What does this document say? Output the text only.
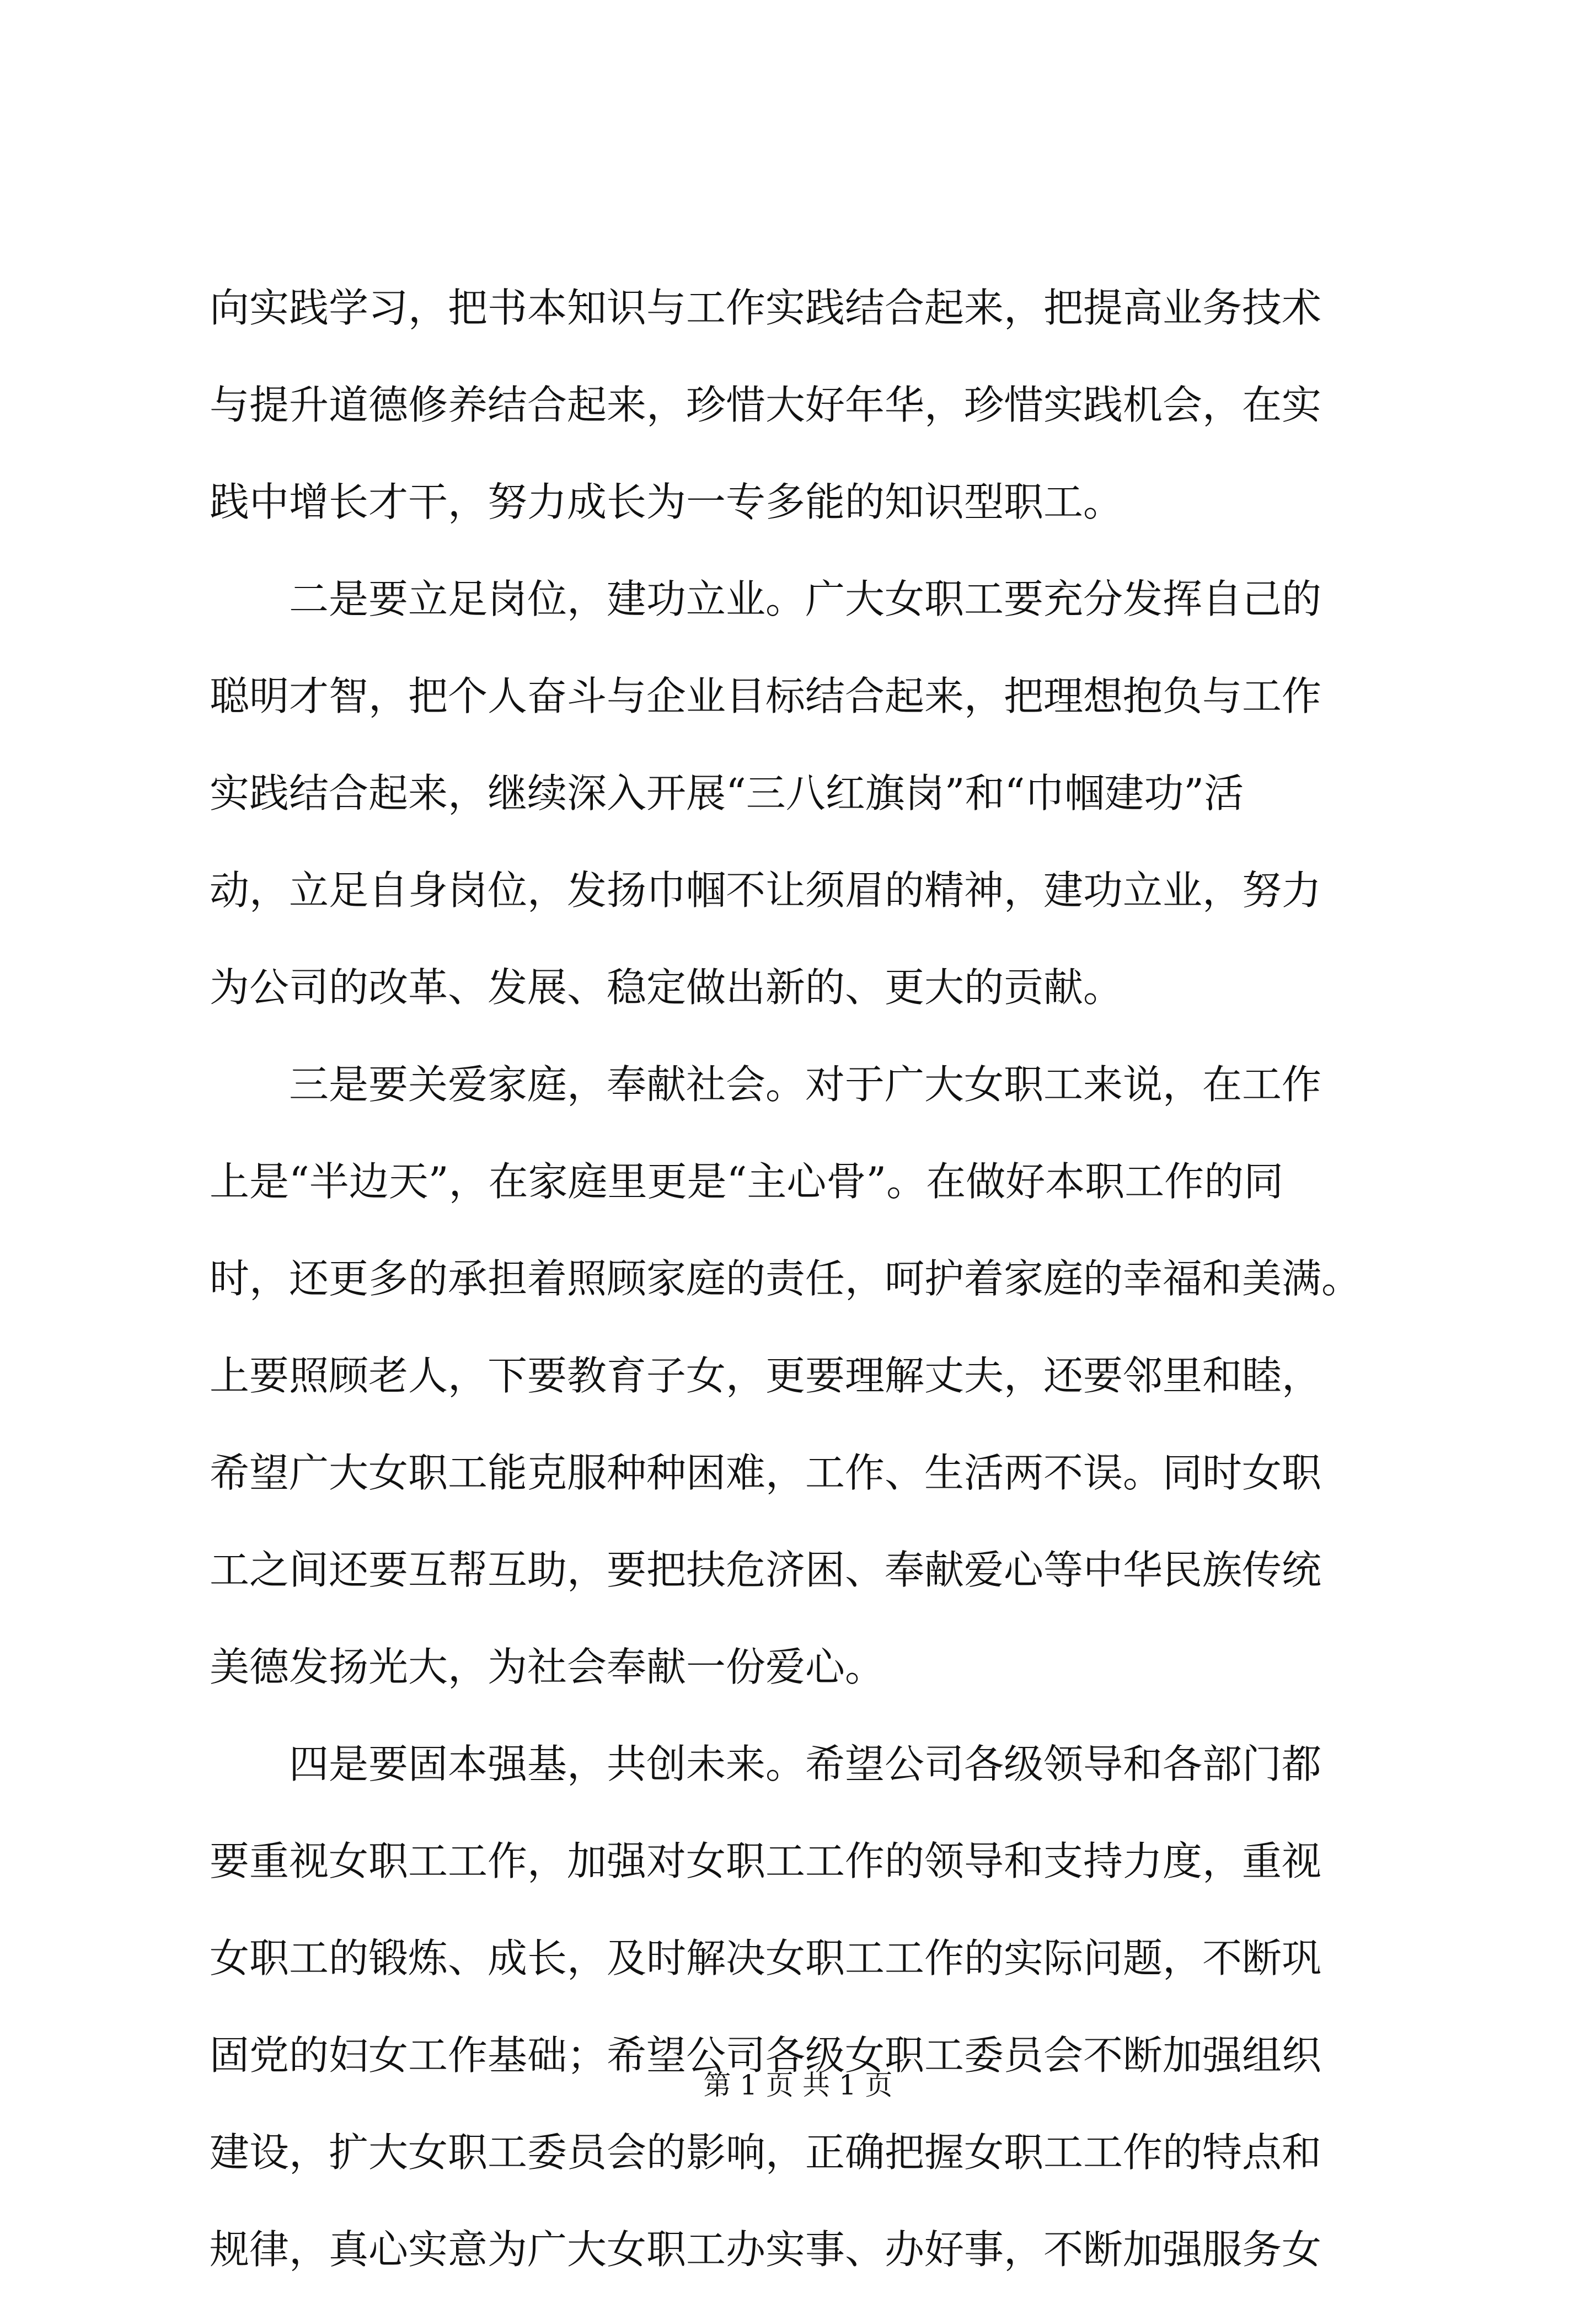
向实践学习，把书本知识与工作实践结合起来，把提高业务技术
与提升道德修养结合起来，珍惜大好年华，珍惜实践机会，在实
践中增长才干，努力成长为一专多能的知识型职工。
二是要立足岗位，建功立业。广大女职工要充分发挥自己的
聪明才智，把个人奋斗与企业目标结合起来，把理想抱负与工作
实践结合起来，继续深入开展“三八红旗岗”和“巾帼建功”活
动，立足自身岗位，发扬巾帼不让须眉的精神，建功立业，努力
为公司的改革、发展、稳定做出新的、更大的贡献。
三是要关爱家庭，奉献社会。对于广大女职工来说，在工作
上是“半边天”，在家庭里更是“主心骨”。在做好本职工作的同
时，还更多的承担着照顾家庭的责任，呵护着家庭的幸福和美满。
上要照顾老人，下要教育子女，更要理解丈夫，还要邻里和睦，
希望广大女职工能克服种种困难，工作、生活两不误。同时女职
工之间还要互帮互助，要把扶危济困、奉献爱心等中华民族传统
美德发扬光大，为社会奉献一份爱心。
四是要固本强基，共创未来。希望公司各级领导和各部门都
要重视女职工工作，加强对女职工工作的领导和支持力度，重视
女职工的锻炼、成长，及时解决女职工工作的实际问题，不断巩
固党的妇女工作基础；希望公司各级女职工委员会不断加强组织
建设，扩大女职工委员会的影响，正确把握女职工工作的特点和
规律，真心实意为广大女职工办实事、办好事，不断加强服务女
第 1 页 共 1 页
